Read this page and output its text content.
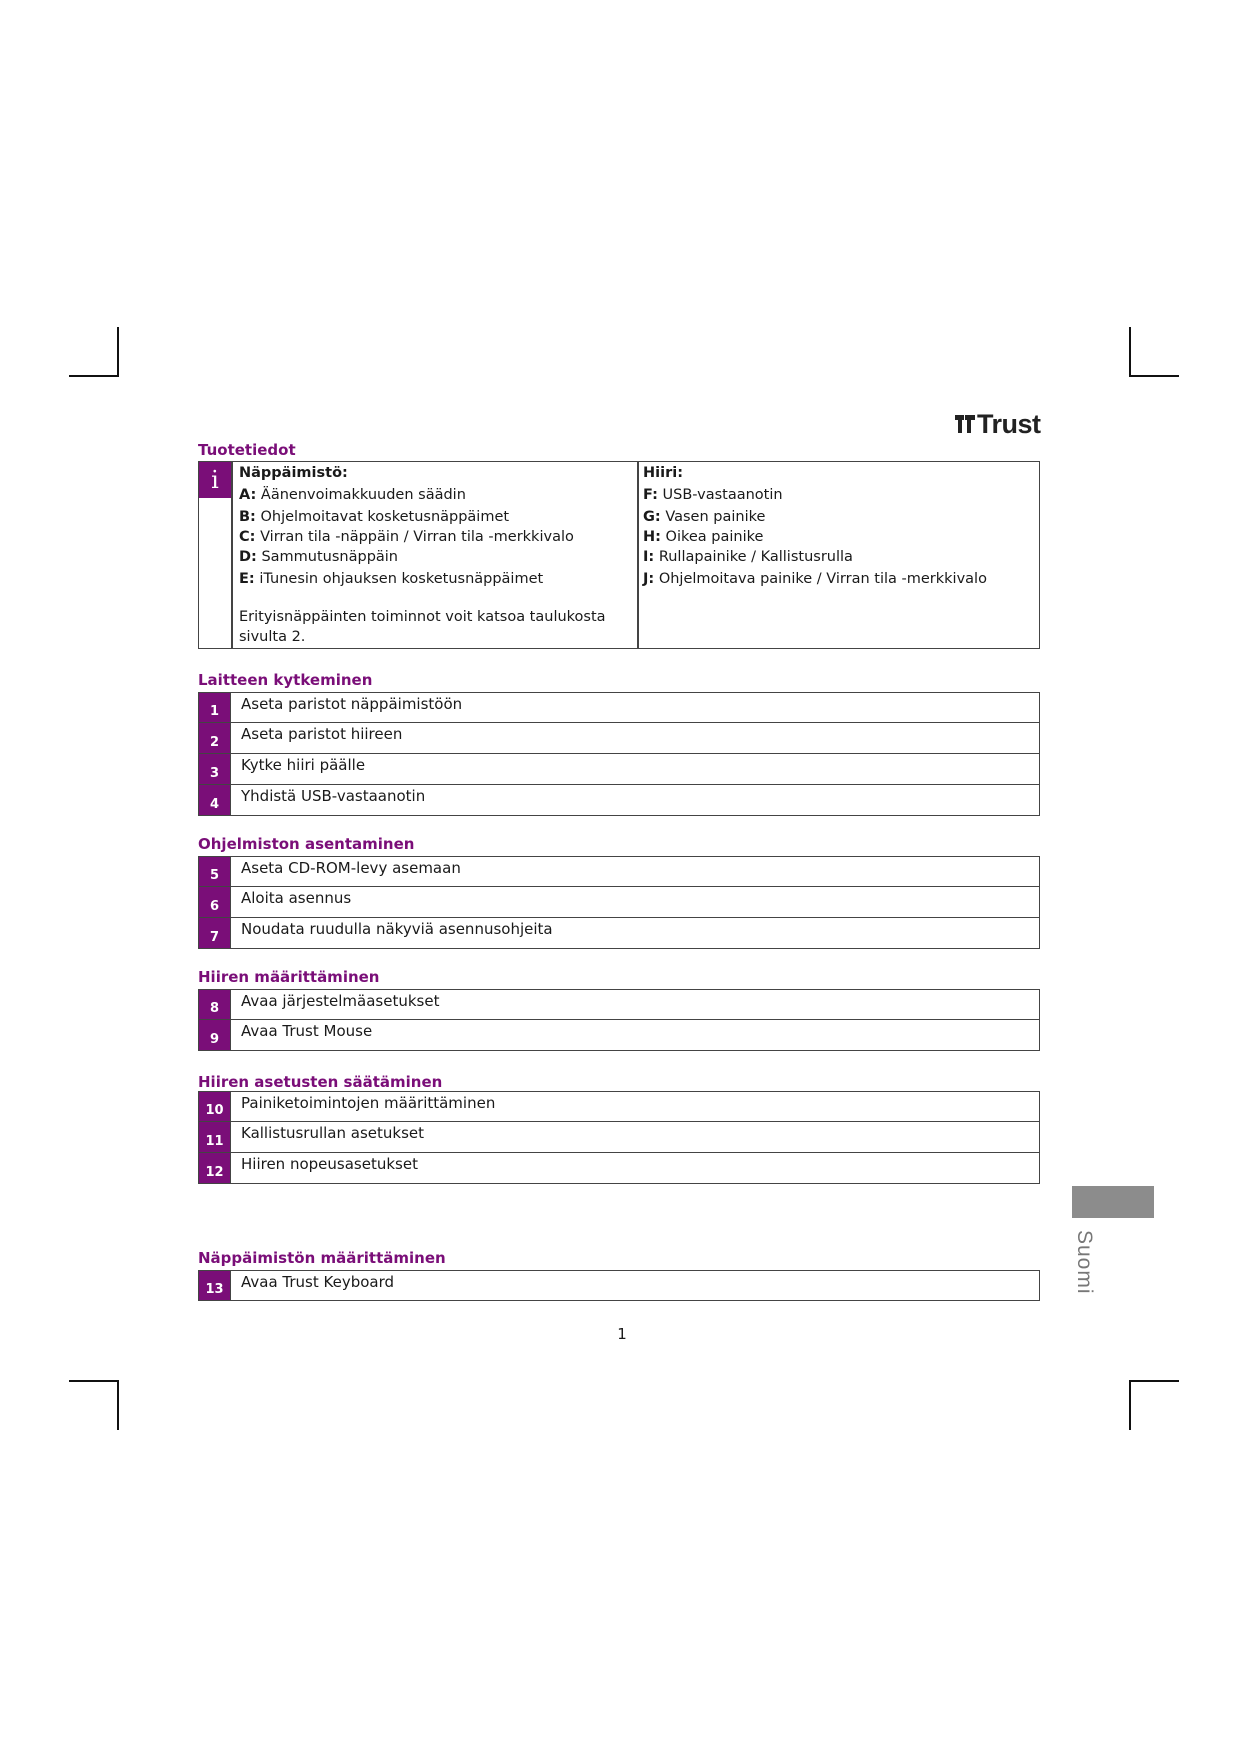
Trust
Tuotetiedot
i	Näppäimistö:
A: Äänenvoimakkuuden säädin
B: Ohjelmoitavat kosketusnäppäimet
C: Virran tila -näppäin / Virran tila -merkkivalo
D: Sammutusnäppäin
E: iTunesin ohjauksen kosketusnäppäimet
Erityisnäppäinten toiminnot voit katsoa taulukosta sivulta 2.
Hiiri:
F: USB-vastaanotin
G: Vasen painike
H: Oikea painike
I: Rullapainike / Kallistusrulla
J: Ohjelmoitava painike / Virran tila -merkkivalo
Laitteen kytkeminen
1	Aseta paristot näppäimistöön
2	Aseta paristot hiireen
3	Kytke hiiri päälle
4	Yhdistä USB-vastaanotin
Ohjelmiston asentaminen
5	Aseta CD-ROM-levy asemaan
6	Aloita asennus
7	Noudata ruudulla näkyviä asennusohjeita
Hiiren määrittäminen
8	Avaa järjestelmäasetukset
9	Avaa Trust Mouse
Hiiren asetusten säätäminen
10	Painiketoimintojen määrittäminen
11	Kallistusrullan asetukset
12	Hiiren nopeusasetukset
Näppäimistön määrittäminen
13	Avaa Trust Keyboard	Suomi
1
